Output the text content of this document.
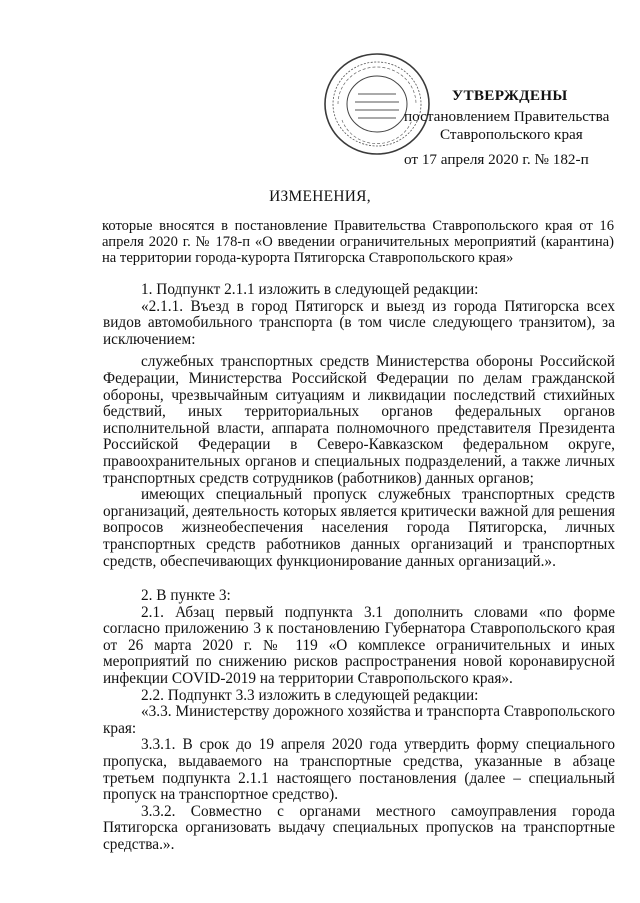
УТВЕРЖДЕНЫ
постановлением Правительства
Ставропольского края
от 17 апреля 2020 г. № 182-п
ИЗМЕНЕНИЯ,
которые вносятся в постановление Правительства Ставропольского края от 16 апреля 2020 г. № 178-п «О введении ограничительных мероприятий (карантина) на территории города-курорта Пятигорска Ставропольского края»

1. Подпункт 2.1.1 изложить в следующей редакции:

«2.1.1. Въезд в город Пятигорск и выезд из города Пятигорска всех видов автомобильного транспорта (в том числе следующего транзитом), за исключением:

служебных транспортных средств Министерства обороны Российской Федерации, Министерства Российской Федерации по делам гражданской обороны, чрезвычайным ситуациям и ликвидации последствий стихийных бедствий, иных территориальных органов федеральных органов исполнительной власти, аппарата полномочного представителя Президента Российской Федерации в Северо-Кавказском федеральном округе, правоохранительных органов и специальных подразделений, а также личных транспортных средств сотрудников (работников) данных органов;

имеющих специальный пропуск служебных транспортных средств организаций, деятельность которых является критически важной для решения вопросов жизнеобеспечения населения города Пятигорска, личных транспортных средств работников данных организаций и транспортных средств, обеспечивающих функционирование данных организаций.».

2. В пункте 3:

2.1. Абзац первый подпункта 3.1 дополнить словами «по форме согласно приложению 3 к постановлению Губернатора Ставропольского края от 26 марта 2020 г. № 119 «О комплексе ограничительных и иных мероприятий по снижению рисков распространения новой коронавирусной инфекции COVID-2019 на территории Ставропольского края».

2.2. Подпункт 3.3 изложить в следующей редакции:

«3.3. Министерству дорожного хозяйства и транспорта Ставропольского края:

3.3.1. В срок до 19 апреля 2020 года утвердить форму специального пропуска, выдаваемого на транспортные средства, указанные в абзаце третьем подпункта 2.1.1 настоящего постановления (далее – специальный пропуск на транспортное средство).

3.3.2. Совместно с органами местного самоуправления города Пятигорска организовать выдачу специальных пропусков на транспортные средства.».
